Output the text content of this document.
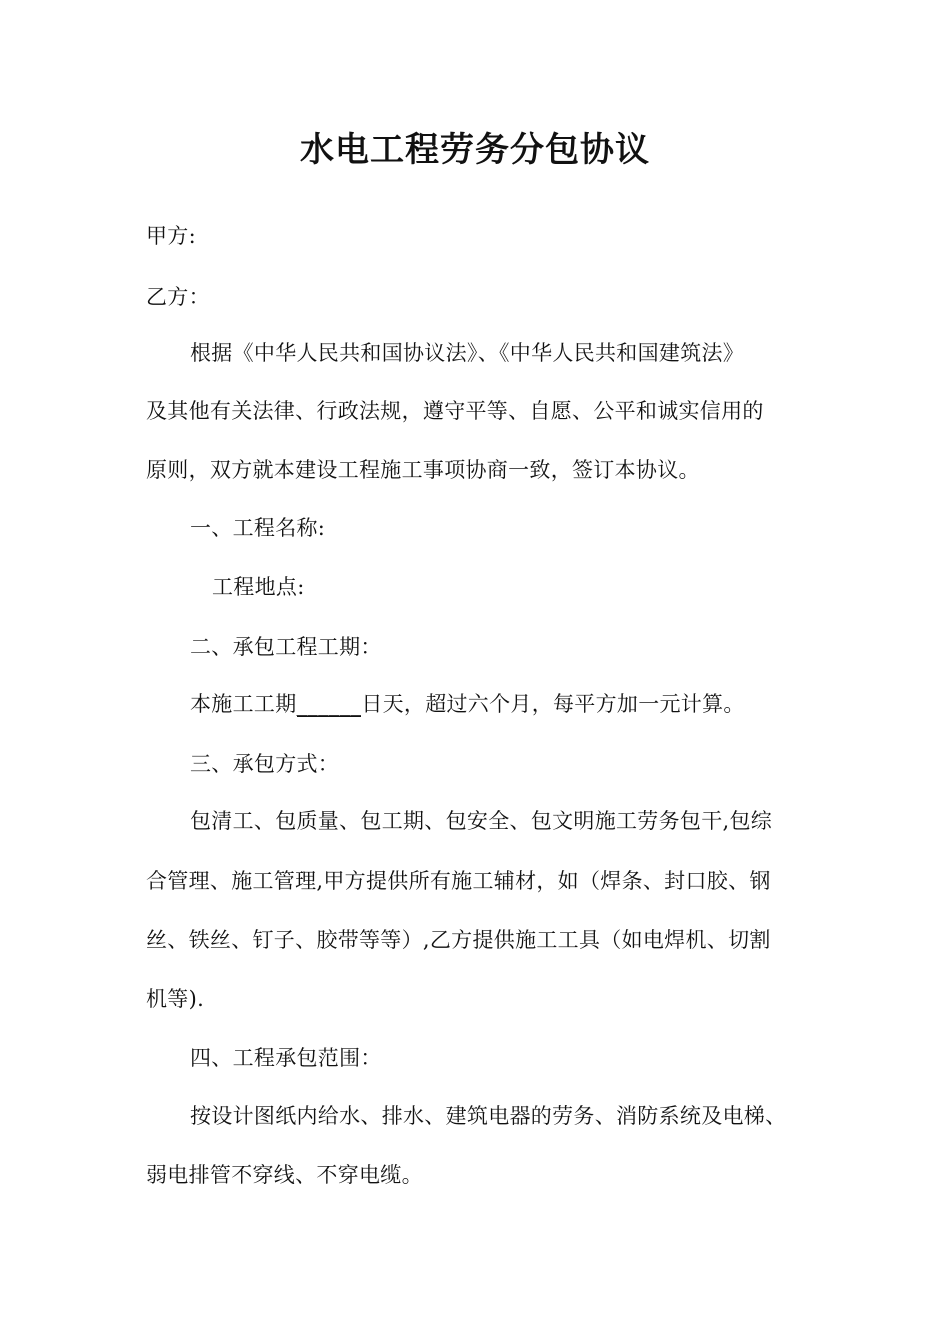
水电工程劳务分包协议
甲方:
乙方：
根据《中华人民共和国协议法》、《中华人民共和国建筑法》
及其他有关法律、行政法规，遵守平等、自愿、公平和诚实信用的
原则，双方就本建设工程施工事项协商一致，签订本协议。
一、工程名称:
工程地点:
二、承包工程工期：
本施工工期______日天，超过六个月，每平方加一元计算。
三、承包方式：
包清工、包质量、包工期、包安全、包文明施工劳务包干,包综
合管理、施工管理,甲方提供所有施工辅材，如（焊条、封口胶、钢
丝、铁丝、钉子、胶带等等）,乙方提供施工工具（如电焊机、切割
机等).
四、工程承包范围：
按设计图纸内给水、排水、建筑电器的劳务、消防系统及电梯、
弱电排管不穿线、不穿电缆。
